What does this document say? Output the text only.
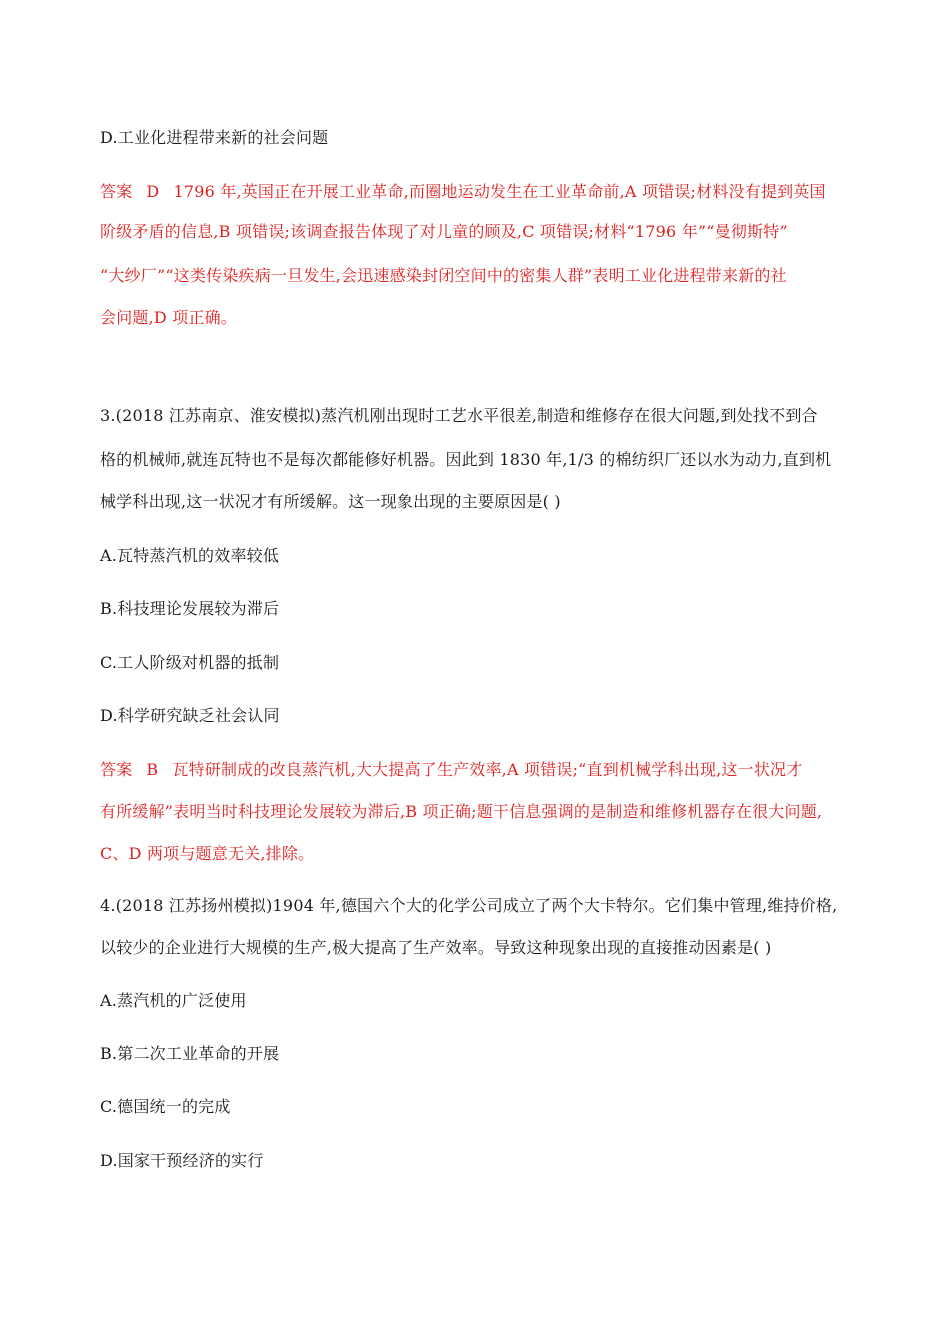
D.工业化进程带来新的社会问题
答案 D 1796 年,英国正在开展工业革命,而圈地运动发生在工业革命前,A 项错误;材料没有提到英国
阶级矛盾的信息,B 项错误;该调查报告体现了对儿童的顾及,C 项错误;材料“1796 年”“曼彻斯特”
“大纱厂”“这类传染疾病一旦发生,会迅速感染封闭空间中的密集人群”表明工业化进程带来新的社
会问题,D 项正确。
3.(2018 江苏南京、淮安模拟)蒸汽机刚出现时工艺水平很差,制造和维修存在很大问题,到处找不到合
格的机械师,就连瓦特也不是每次都能修好机器。因此到 1830 年,1/3 的棉纺织厂还以水为动力,直到机
械学科出现,这一状况才有所缓解。这一现象出现的主要原因是( )
A.瓦特蒸汽机的效率较低
B.科技理论发展较为滞后
C.工人阶级对机器的抵制
D.科学研究缺乏社会认同
答案 B 瓦特研制成的改良蒸汽机,大大提高了生产效率,A 项错误;“直到机械学科出现,这一状况才
有所缓解”表明当时科技理论发展较为滞后,B 项正确;题干信息强调的是制造和维修机器存在很大问题,
C、D 两项与题意无关,排除。
4.(2018 江苏扬州模拟)1904 年,德国六个大的化学公司成立了两个大卡特尔。它们集中管理,维持价格,
以较少的企业进行大规模的生产,极大提高了生产效率。导致这种现象出现的直接推动因素是( )
A.蒸汽机的广泛使用
B.第二次工业革命的开展
C.德国统一的完成
D.国家干预经济的实行
